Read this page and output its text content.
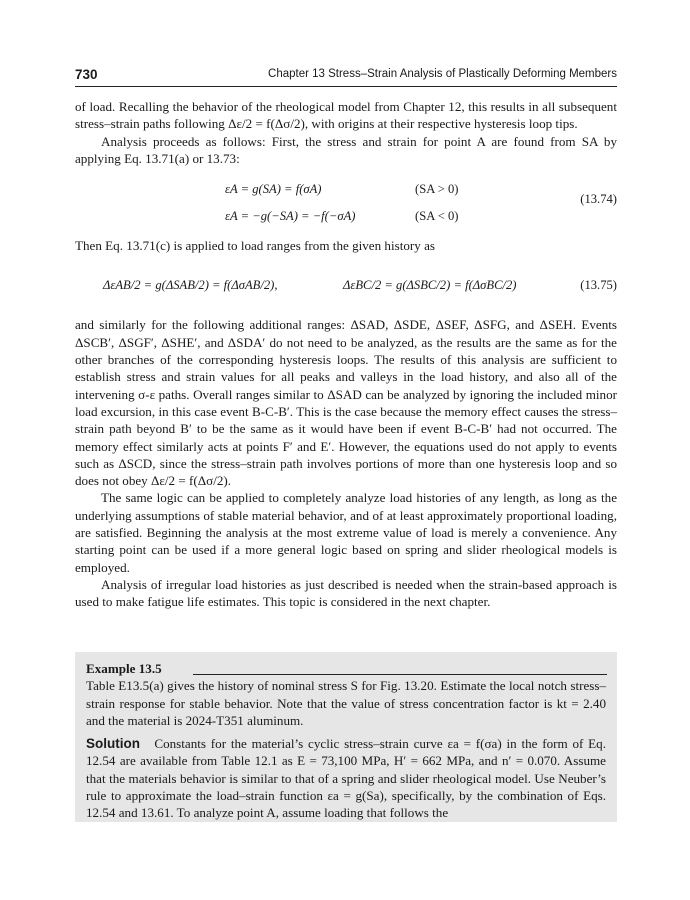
730	Chapter 13 Stress–Strain Analysis of Plastically Deforming Members

of load. Recalling the behavior of the rheological model from Chapter 12, this results in all subsequent stress–strain paths following Δε/2 = f(Δσ/2), with origins at their respective hysteresis loop tips.

Analysis proceeds as follows: First, the stress and strain for point A are found from SA by applying Eq. 13.71(a) or 13.73:

εA = g(SA) = f(σA)	(SA > 0)
εA = −g(−SA) = −f(−σA)	(SA < 0)
(13.74)

Then Eq. 13.71(c) is applied to load ranges from the given history as

ΔεAB/2 = g(ΔSAB/2) = f(ΔσAB/2),	ΔεBC/2 = g(ΔSBC/2) = f(ΔσBC/2)	(13.75)

and similarly for the following additional ranges: ΔSAD, ΔSDE, ΔSEF, ΔSFG, and ΔSEH. Events ΔSCB′, ΔSGF′, ΔSHE′, and ΔSDA′ do not need to be analyzed, as the results are the same as for the other branches of the corresponding hysteresis loops. The results of this analysis are sufficient to establish stress and strain values for all peaks and valleys in the load history, and also all of the intervening σ-ε paths. Overall ranges similar to ΔSAD can be analyzed by ignoring the included minor load excursion, in this case event B-C-B′. This is the case because the memory effect causes the stress–strain path beyond B′ to be the same as it would have been if event B-C-B′ had not occurred. The memory effect similarly acts at points F′ and E′. However, the equations used do not apply to events such as ΔSCD, since the stress–strain path involves portions of more than one hysteresis loop and so does not obey Δε/2 = f(Δσ/2).

The same logic can be applied to completely analyze load histories of any length, as long as the underlying assumptions of stable material behavior, and of at least approximately proportional loading, are satisfied. Beginning the analysis at the most extreme value of load is merely a convenience. Any starting point can be used if a more general logic based on spring and slider rheological models is employed.

Analysis of irregular load histories as just described is needed when the strain-based approach is used to make fatigue life estimates. This topic is considered in the next chapter.

Example 13.5

Table E13.5(a) gives the history of nominal stress S for Fig. 13.20. Estimate the local notch stress–strain response for stable behavior. Note that the value of stress concentration factor is kt = 2.40 and the material is 2024-T351 aluminum.

Solution Constants for the material’s cyclic stress–strain curve εa = f(σa) in the form of Eq. 12.54 are available from Table 12.1 as E = 73,100 MPa, H′ = 662 MPa, and n′ = 0.070. Assume that the materials behavior is similar to that of a spring and slider rheological model. Use Neuber’s rule to approximate the load–strain function εa = g(Sa), specifically, by the combination of Eqs. 12.54 and 13.61. To analyze point A, assume loading that follows the
